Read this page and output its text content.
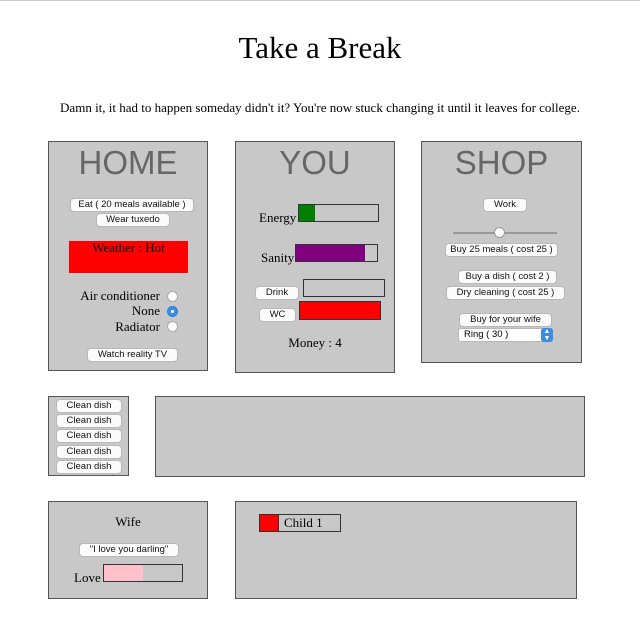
Take a Break
Damn it, it had to happen someday didn't it? You're now stuck changing it until it leaves for college.
HOME
Eat ( 20 meals available )
Wear tuxedo
Weather : Hot
Air conditioner
None
Radiator
Watch reality TV
YOU
Energy
Sanity
Drink
WC
Money : 4
SHOP
Work
Buy 25 meals ( cost 25 )
Buy a dish ( cost 2 )
Dry cleaning ( cost 25 )
Buy for your wife
Ring ( 30 )	▲
▼
Clean dish
Clean dish
Clean dish
Clean dish
Clean dish
Wife
"I love you darling"
Love
Child 1
